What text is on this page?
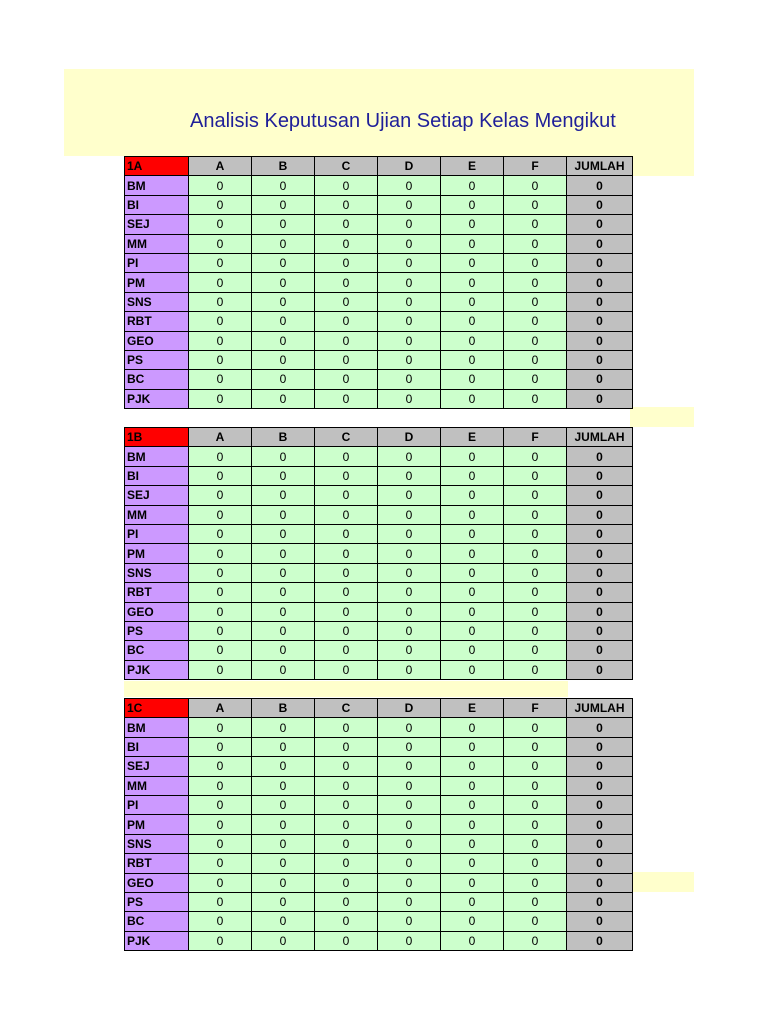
Analisis Keputusan Ujian Setiap Kelas Mengikut
1A	A	B	C	D	E	F	JUMLAH
BM	0	0	0	0	0	0	0
BI	0	0	0	0	0	0	0
SEJ	0	0	0	0	0	0	0
MM	0	0	0	0	0	0	0
PI	0	0	0	0	0	0	0
PM	0	0	0	0	0	0	0
SNS	0	0	0	0	0	0	0
RBT	0	0	0	0	0	0	0
GEO	0	0	0	0	0	0	0
PS	0	0	0	0	0	0	0
BC	0	0	0	0	0	0	0
PJK	0	0	0	0	0	0	0
1B	A	B	C	D	E	F	JUMLAH
BM	0	0	0	0	0	0	0
BI	0	0	0	0	0	0	0
SEJ	0	0	0	0	0	0	0
MM	0	0	0	0	0	0	0
PI	0	0	0	0	0	0	0
PM	0	0	0	0	0	0	0
SNS	0	0	0	0	0	0	0
RBT	0	0	0	0	0	0	0
GEO	0	0	0	0	0	0	0
PS	0	0	0	0	0	0	0
BC	0	0	0	0	0	0	0
PJK	0	0	0	0	0	0	0
1C	A	B	C	D	E	F	JUMLAH
BM	0	0	0	0	0	0	0
BI	0	0	0	0	0	0	0
SEJ	0	0	0	0	0	0	0
MM	0	0	0	0	0	0	0
PI	0	0	0	0	0	0	0
PM	0	0	0	0	0	0	0
SNS	0	0	0	0	0	0	0
RBT	0	0	0	0	0	0	0
GEO	0	0	0	0	0	0	0
PS	0	0	0	0	0	0	0
BC	0	0	0	0	0	0	0
PJK	0	0	0	0	0	0	0
